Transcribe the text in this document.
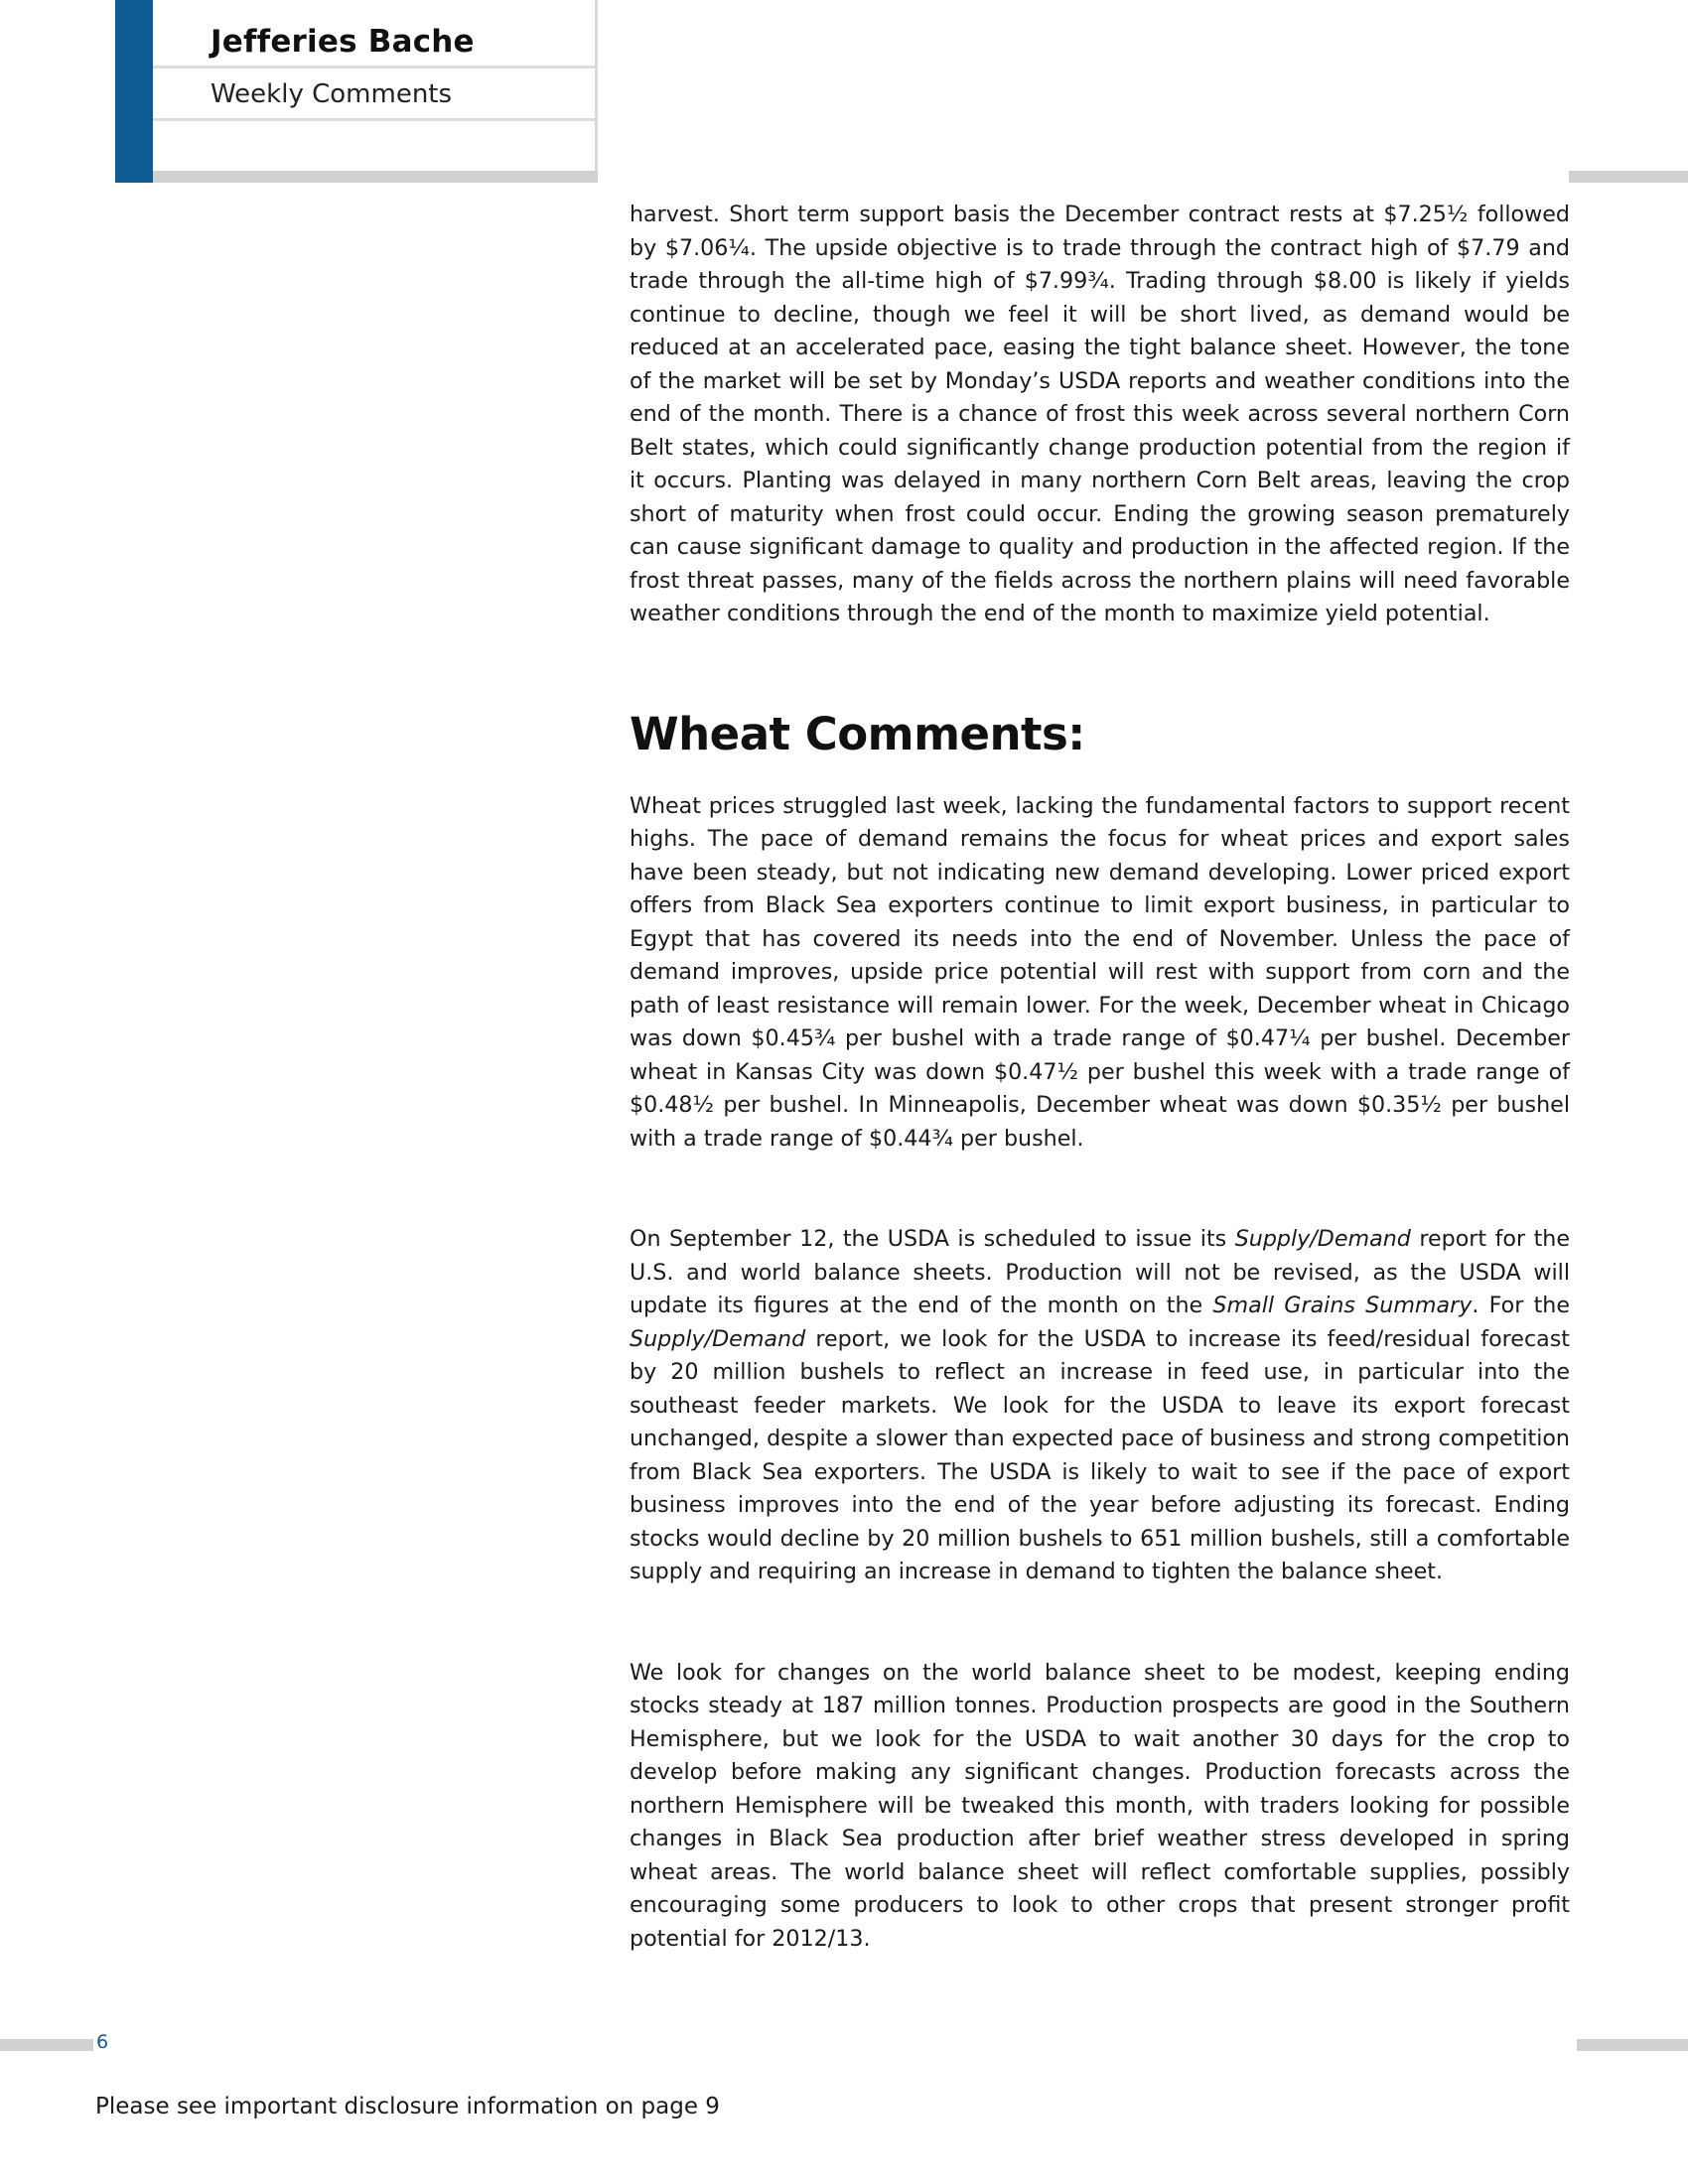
Jefferies Bache
Weekly Comments

harvest. Short term support basis the December contract rests at $7.25½ followed by $7.06¼. The upside objective is to trade through the contract high of $7.79 and trade through the all-time high of $7.99¾. Trading through $8.00 is likely if yields continue to decline, though we feel it will be short lived, as demand would be reduced at an accelerated pace, easing the tight balance sheet. However, the tone of the market will be set by Monday’s USDA reports and weather conditions into the end of the month. There is a chance of frost this week across several northern Corn Belt states, which could significantly change production potential from the region if it occurs. Planting was delayed in many northern Corn Belt areas, leaving the crop short of maturity when frost could occur. Ending the growing season prematurely can cause significant damage to quality and production in the affected region. If the frost threat passes, many of the fields across the northern plains will need favorable weather conditions through the end of the month to maximize yield potential.

Wheat Comments:

Wheat prices struggled last week, lacking the fundamental factors to support recent highs. The pace of demand remains the focus for wheat prices and export sales have been steady, but not indicating new demand developing. Lower priced export offers from Black Sea exporters continue to limit export business, in particular to Egypt that has covered its needs into the end of November. Unless the pace of demand improves, upside price potential will rest with support from corn and the path of least resistance will remain lower. For the week, December wheat in Chicago was down $0.45¾ per bushel with a trade range of $0.47¼ per bushel. December wheat in Kansas City was down $0.47½ per bushel this week with a trade range of $0.48½ per bushel. In Minneapolis, December wheat was down $0.35½ per bushel with a trade range of $0.44¾ per bushel.

On September 12, the USDA is scheduled to issue its Supply/Demand report for the U.S. and world balance sheets. Production will not be revised, as the USDA will update its figures at the end of the month on the Small Grains Summary. For the Supply/Demand report, we look for the USDA to increase its feed/residual forecast by 20 million bushels to reflect an increase in feed use, in particular into the southeast feeder markets. We look for the USDA to leave its export forecast unchanged, despite a slower than expected pace of business and strong competition from Black Sea exporters. The USDA is likely to wait to see if the pace of export business improves into the end of the year before adjusting its forecast. Ending stocks would decline by 20 million bushels to 651 million bushels, still a comfortable supply and requiring an increase in demand to tighten the balance sheet.

We look for changes on the world balance sheet to be modest, keeping ending stocks steady at 187 million tonnes. Production prospects are good in the Southern Hemisphere, but we look for the USDA to wait another 30 days for the crop to develop before making any significant changes. Production forecasts across the northern Hemisphere will be tweaked this month, with traders looking for possible changes in Black Sea production after brief weather stress developed in spring wheat areas. The world balance sheet will reflect comfortable supplies, possibly encouraging some producers to look to other crops that present stronger profit potential for 2012/13.

6
Please see important disclosure information on page 9
